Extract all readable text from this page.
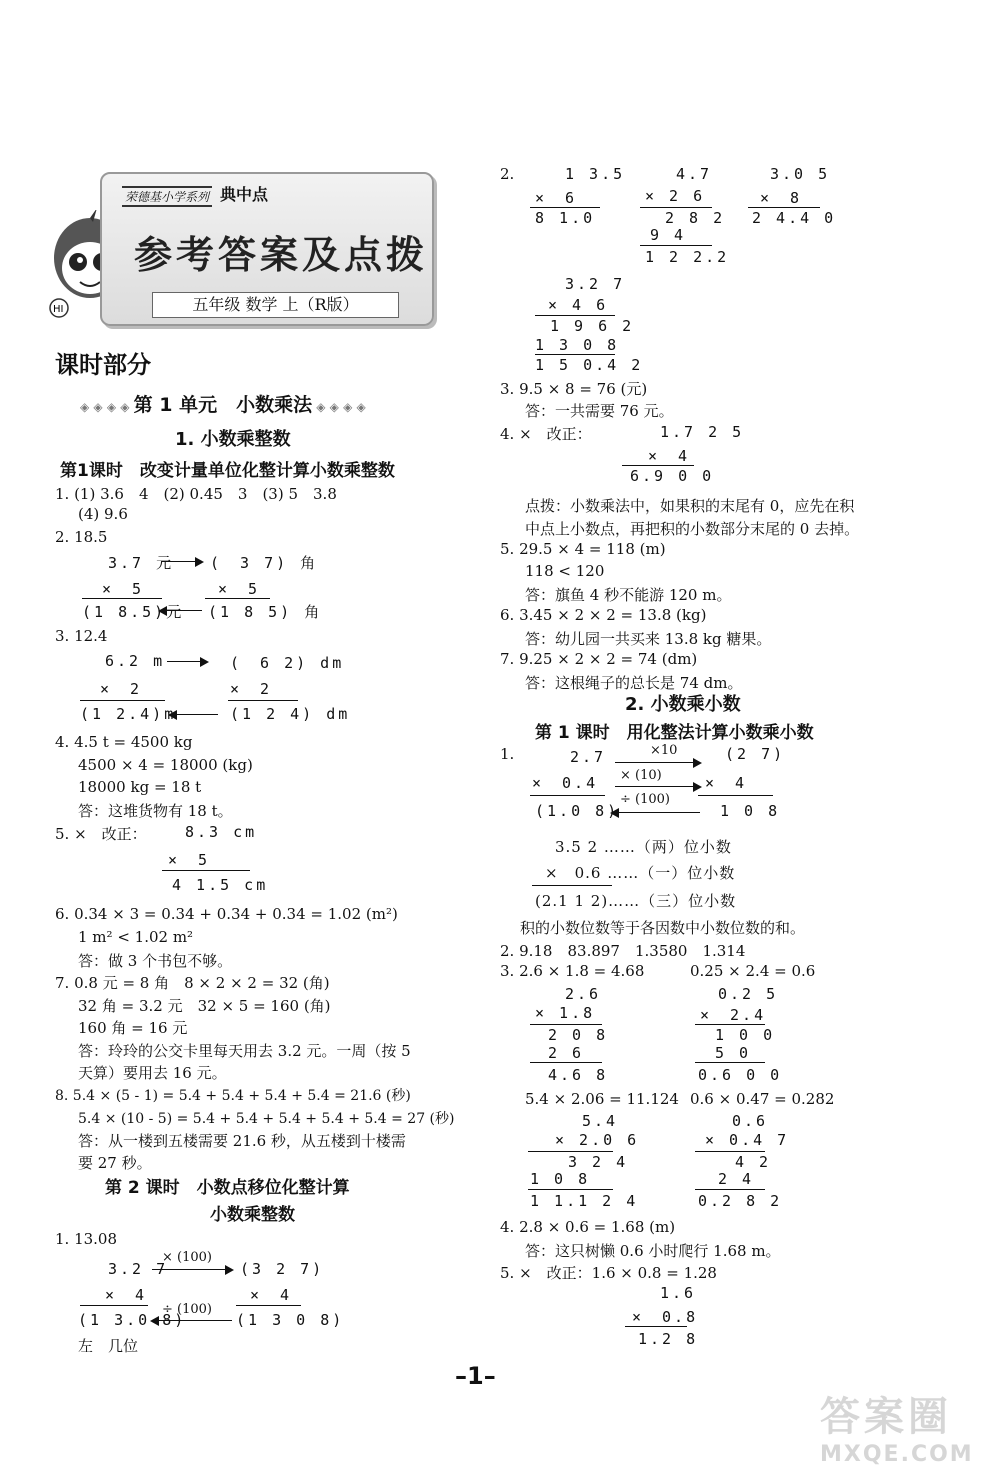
HI
荣德基小学系列 典中点
参考答案及点拨
五年级 数学 上（R版）
课时部分
◈ ◈ ◈ ◈ 第 1 单元　小数乘法 ◈ ◈ ◈ ◈
1. 小数乘整数
第1课时　改变计量单位化整计算小数乘整数
1. (1) 3.6　4　(2) 0.45　3　(3) 5　3.8
(4) 9.6
2. 18.5
3.7 元 (　3 7) 角
×　5	×　5
(1 8.5)元 (1 8 5) 角
3. 12.4
6.2 m	(　6 2) dm
×　2	×　2
(1 2.4)m	(1 2 4) dm
4. 4.5 t = 4500 kg
4500 × 4 = 18000 (kg)
18000 kg = 18 t
答：这堆货物有 18 t。
5. ×　改正：	8.3 cm
×　5
4 1.5 cm
6. 0.34 × 3 = 0.34 + 0.34 + 0.34 = 1.02 (m²)
1 m² < 1.02 m²
答：做 3 个书包不够。
7. 0.8 元 = 8 角　8 × 2 × 2 = 32 (角)
32 角 = 3.2 元　32 × 5 = 160 (角)
160 角 = 16 元
答：玲玲的公交卡里每天用去 3.2 元。一周（按 5
天算）要用去 16 元。
8. 5.4 × (5 - 1) = 5.4 + 5.4 + 5.4 + 5.4 = 21.6 (秒)
5.4 × (10 - 5) = 5.4 + 5.4 + 5.4 + 5.4 + 5.4 = 27 (秒)
答：从一楼到五楼需要 21.6 秒，从五楼到十楼需
要 27 秒。
第 2 课时　小数点移位化整计算
小数乘整数
1. 13.08
× (100)
3.2 7	(3 2 7)
×　4	×　4
÷ (100)
(1 3.0 8)	(1 3 0 8)
左　几位
2.	1 3.5
×　6
8 1.0
4.7
× 2 6
2 8 2
9 4
1 2 2.2
3.0 5
×　8
2 4.4 0
3.2 7
× 4 6
1 9 6 2
1 3 0 8
1 5 0.4 2
3. 9.5 × 8 = 76 (元)
答：一共需要 76 元。
4. ×　改正：	1.7 2 5
×　4
6.9 0 0
点拨：小数乘法中，如果积的末尾有 0，应先在积
中点上小数点，再把积的小数部分末尾的 0 去掉。
5. 29.5 × 4 = 118 (m)
118 < 120
答：旗鱼 4 秒不能游 120 m。
6. 3.45 × 2 × 2 = 13.8 (kg)
答：幼儿园一共买来 13.8 kg 糖果。
7. 9.25 × 2 × 2 = 74 (dm)
答：这根绳子的总长是 74 dm。
2. 小数乘小数
第 1 课时　用化整法计算小数乘小数
1.	2.7	×10	(2 7)
×　0.4 × (10)	×　4
÷ (100)
(1.0 8)	1 0 8
3.5 2 ……（两）位小数
×　0.6 ……（一）位小数
(2.1 1 2)……（三）位小数
积的小数位数等于各因数中小数位数的和。
2. 9.18　83.897　1.3580　1.314
3. 2.6 × 1.8 = 4.68	0.25 × 2.4 = 0.6
2.6
× 1.8
2 0 8
2 6
4.6 8
0.2 5
×　2.4
1 0 0
5 0
0.6 0 0
5.4 × 2.06 = 11.124 0.6 × 0.47 = 0.282
5.4
× 2.0 6
3 2 4
1 0 8
1 1.1 2 4
0.6
× 0.4 7
4 2
2 4
0.2 8 2
4. 2.8 × 0.6 = 1.68 (m)
答：这只树懒 0.6 小时爬行 1.68 m。
5. ×　改正：1.6 × 0.8 = 1.28
1.6
×　0.8
1.2 8
–1–
答案圈
MXQE.COM
